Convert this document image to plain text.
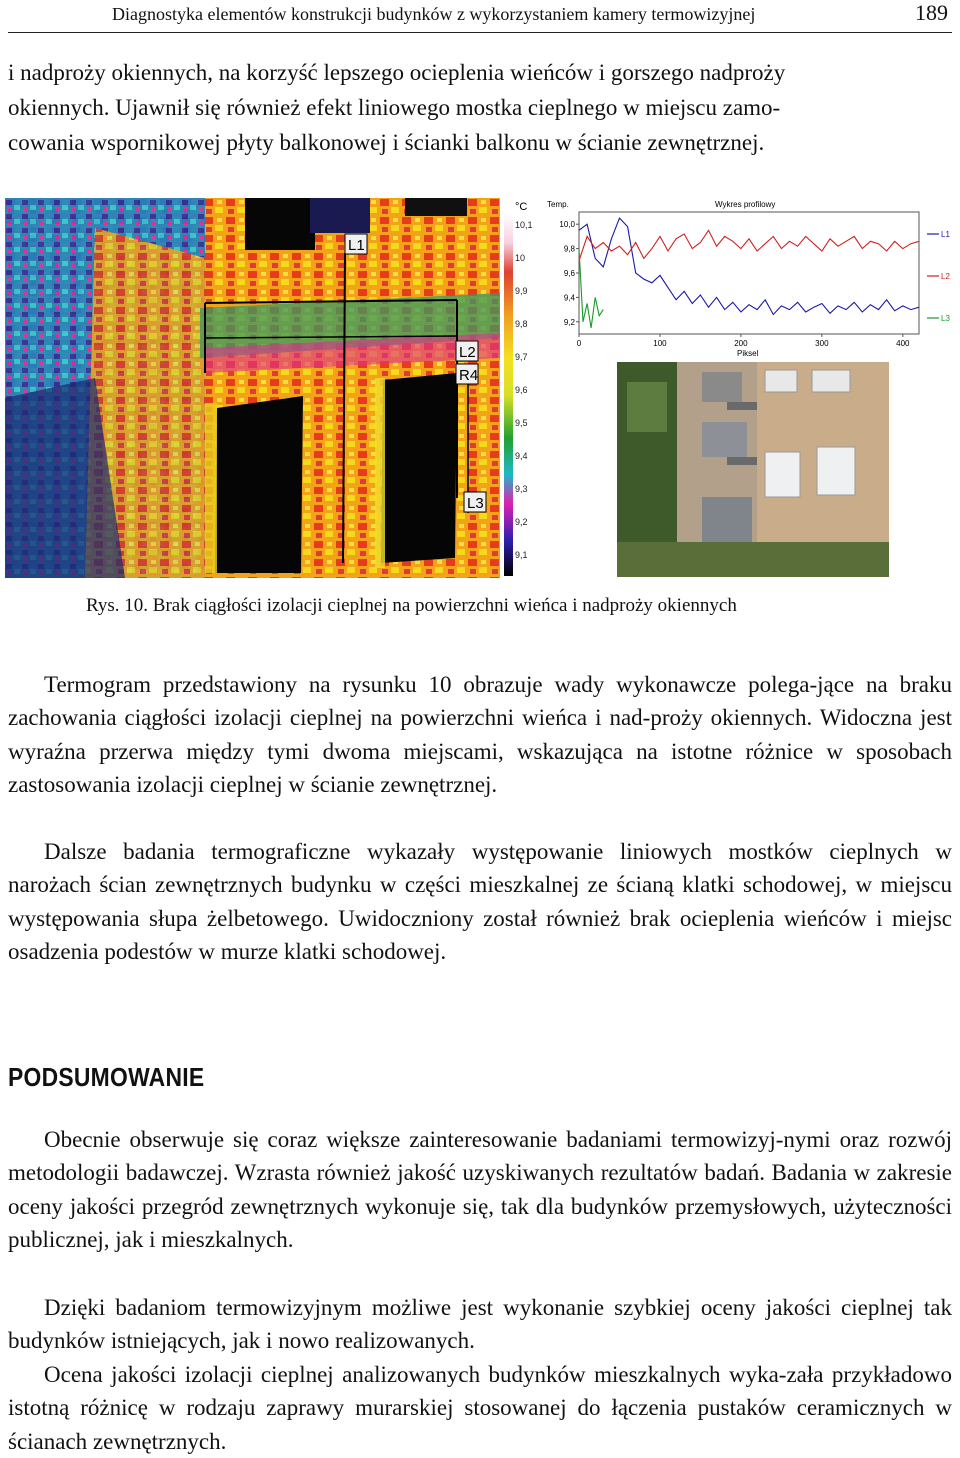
Diagnostyka elementów konstrukcji budynków z wykorzystaniem kamery termowizyjnej	189
i nadproży okiennych, na korzyść lepszego ocieplenia wieńców i gorszego nadproży
okiennych. Ujawnił się również efekt liniowego mostka cieplnego w miejscu zamo-
cowania wspornikowej płyty balkonowej i ścianki balkonu w ścianie zewnętrznej.
L1
L2
R4
L3
°C
10,1
10
9,9
9,8
9,7
9,6
9,5
9,4
9,3
9,2
9,1
Temp.	Wykres profilowy
Piksel
10,0
9,8
9,6
9,4
9,2
0	100	200	300	400
L1
L2
L3
Rys. 10. Brak ciągłości izolacji cieplnej na powierzchni wieńca i nadproży okiennych

Termogram przedstawiony na rysunku 10 obrazuje wady wykonawcze polega-jące na braku zachowania ciągłości izolacji cieplnej na powierzchni wieńca i nad-proży okiennych. Widoczna jest wyraźna przerwa między tymi dwoma miejscami, wskazująca na istotne różnice w sposobach zastosowania izolacji cieplnej w ścianie zewnętrznej.

Dalsze badania termograficzne wykazały występowanie liniowych mostków cieplnych w narożach ścian zewnętrznych budynku w części mieszkalnej ze ścianą klatki schodowej, w miejscu występowania słupa żelbetowego. Uwidoczniony został również brak ocieplenia wieńców i miejsc osadzenia podestów w murze klatki schodowej.

PODSUMOWANIE

Obecnie obserwuje się coraz większe zainteresowanie badaniami termowizyj-nymi oraz rozwój metodologii badawczej. Wzrasta również jakość uzyskiwanych rezultatów badań. Badania w zakresie oceny jakości przegród zewnętrznych wykonuje się, tak dla budynków przemysłowych, użyteczności publicznej, jak i mieszkalnych.

Dzięki badaniom termowizyjnym możliwe jest wykonanie szybkiej oceny jakości cieplnej tak budynków istniejących, jak i nowo realizowanych.

Ocena jakości izolacji cieplnej analizowanych budynków mieszkalnych wyka-zała przykładowo istotną różnicę w rodzaju zaprawy murarskiej stosowanej do łączenia pustaków ceramicznych w ścianach zewnętrznych.
